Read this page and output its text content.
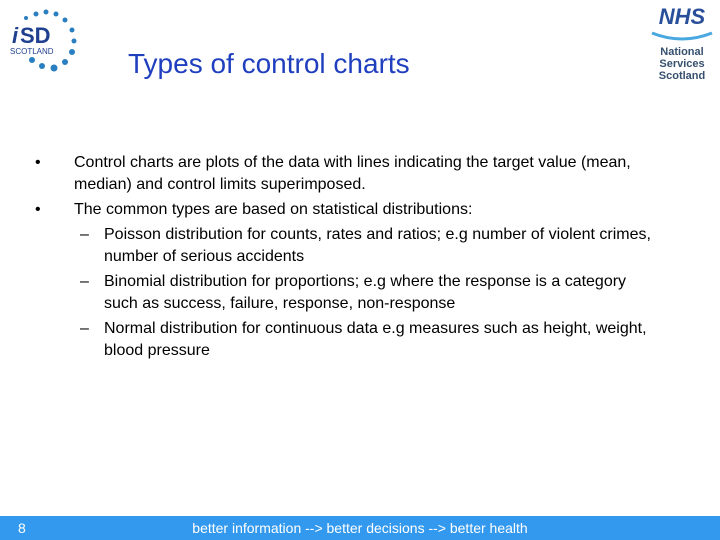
i SD
SCOTLAND
NHS
National
Services
Scotland
Types of control charts
• Control charts are plots of the data with lines indicating the target value (mean, median) and control limits superimposed.
• The common types are based on statistical distributions:
– Poisson distribution for counts, rates and ratios; e.g number of violent crimes, number of serious accidents
– Binomial distribution for proportions; e.g where the response is a category such as success, failure, response, non-response
– Normal distribution for continuous data e.g measures such as height, weight, blood pressure
8	better information --> better decisions --> better health
